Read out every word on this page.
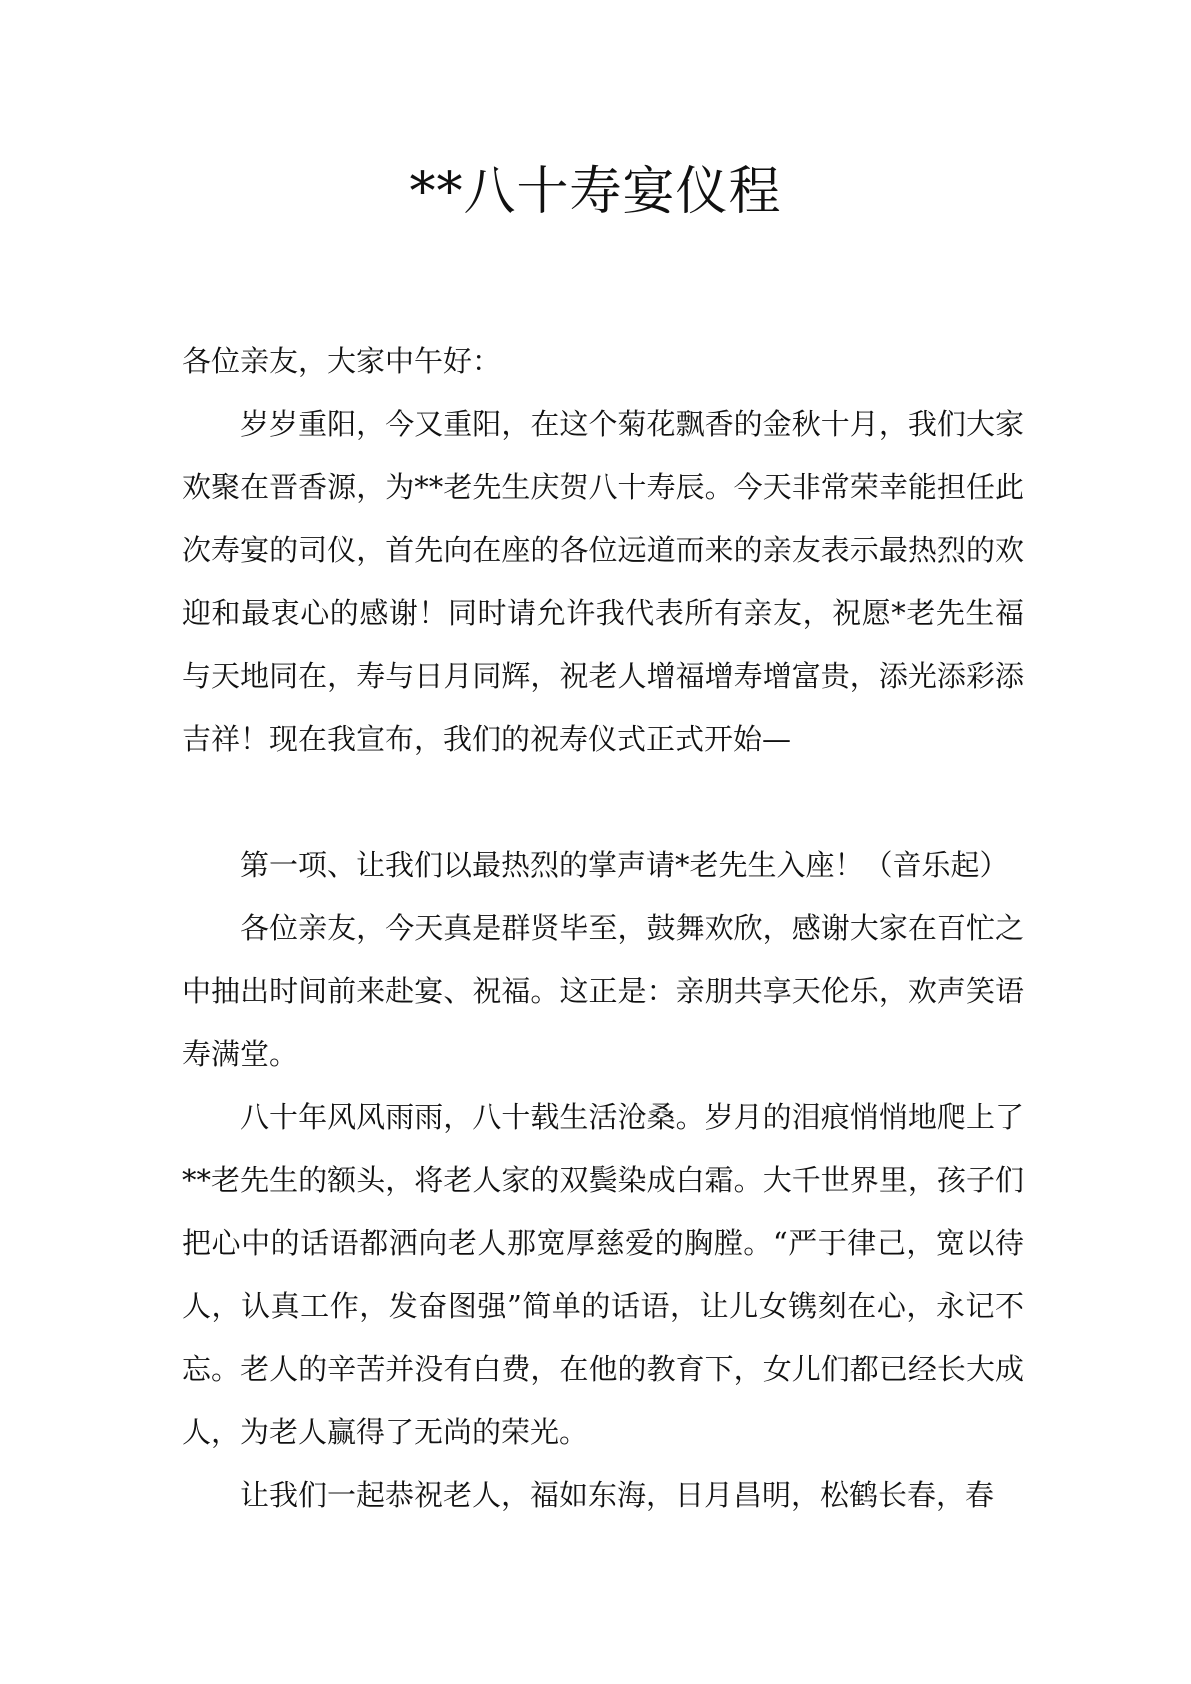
**八十寿宴仪程

各位亲友，大家中午好：

岁岁重阳，今又重阳，在这个菊花飘香的金秋十月，我们大家欢聚在晋香源，为**老先生庆贺八十寿辰。今天非常荣幸能担任此次寿宴的司仪，首先向在座的各位远道而来的亲友表示最热烈的欢迎和最衷心的感谢！同时请允许我代表所有亲友，祝愿*老先生福与天地同在，寿与日月同辉，祝老人增福增寿增富贵，添光添彩添吉祥！现在我宣布，我们的祝寿仪式正式开始—

第一项、让我们以最热烈的掌声请*老先生入座！（音乐起）

各位亲友，今天真是群贤毕至，鼓舞欢欣，感谢大家在百忙之中抽出时间前来赴宴、祝福。这正是：亲朋共享天伦乐，欢声笑语寿满堂。

八十年风风雨雨，八十载生活沧桑。岁月的泪痕悄悄地爬上了**老先生的额头，将老人家的双鬓染成白霜。大千世界里，孩子们把心中的话语都洒向老人那宽厚慈爱的胸膛。“严于律己，宽以待人，认真工作，发奋图强”简单的话语，让儿女镌刻在心，永记不忘。老人的辛苦并没有白费，在他的教育下，女儿们都已经长大成人，为老人赢得了无尚的荣光。

让我们一起恭祝老人，福如东海，日月昌明，松鹤长春，春
